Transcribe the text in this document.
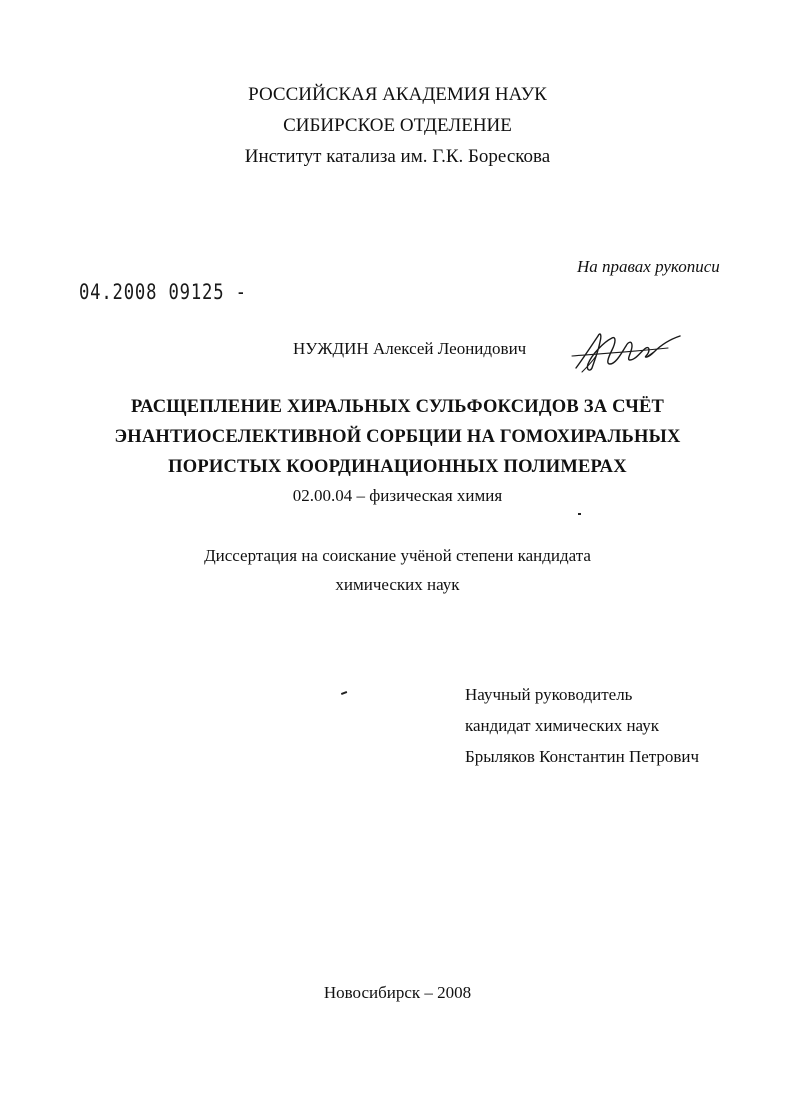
РОССИЙСКАЯ АКАДЕМИЯ НАУК
СИБИРСКОЕ ОТДЕЛЕНИЕ
Институт катализа им. Г.К. Борескова
На правах рукописи
04.2008 09125 -
НУЖДИН Алексей Леонидович
РАСЩЕПЛЕНИЕ ХИРАЛЬНЫХ СУЛЬФОКСИДОВ ЗА СЧЁТ
ЭНАНТИОСЕЛЕКТИВНОЙ СОРБЦИИ НА ГОМОХИРАЛЬНЫХ
ПОРИСТЫХ КООРДИНАЦИОННЫХ ПОЛИМЕРАХ
02.00.04 – физическая химия
Диссертация на соискание учёной степени кандидата
химических наук
Научный руководитель
кандидат химических наук
Брыляков Константин Петрович
Новосибирск – 2008
